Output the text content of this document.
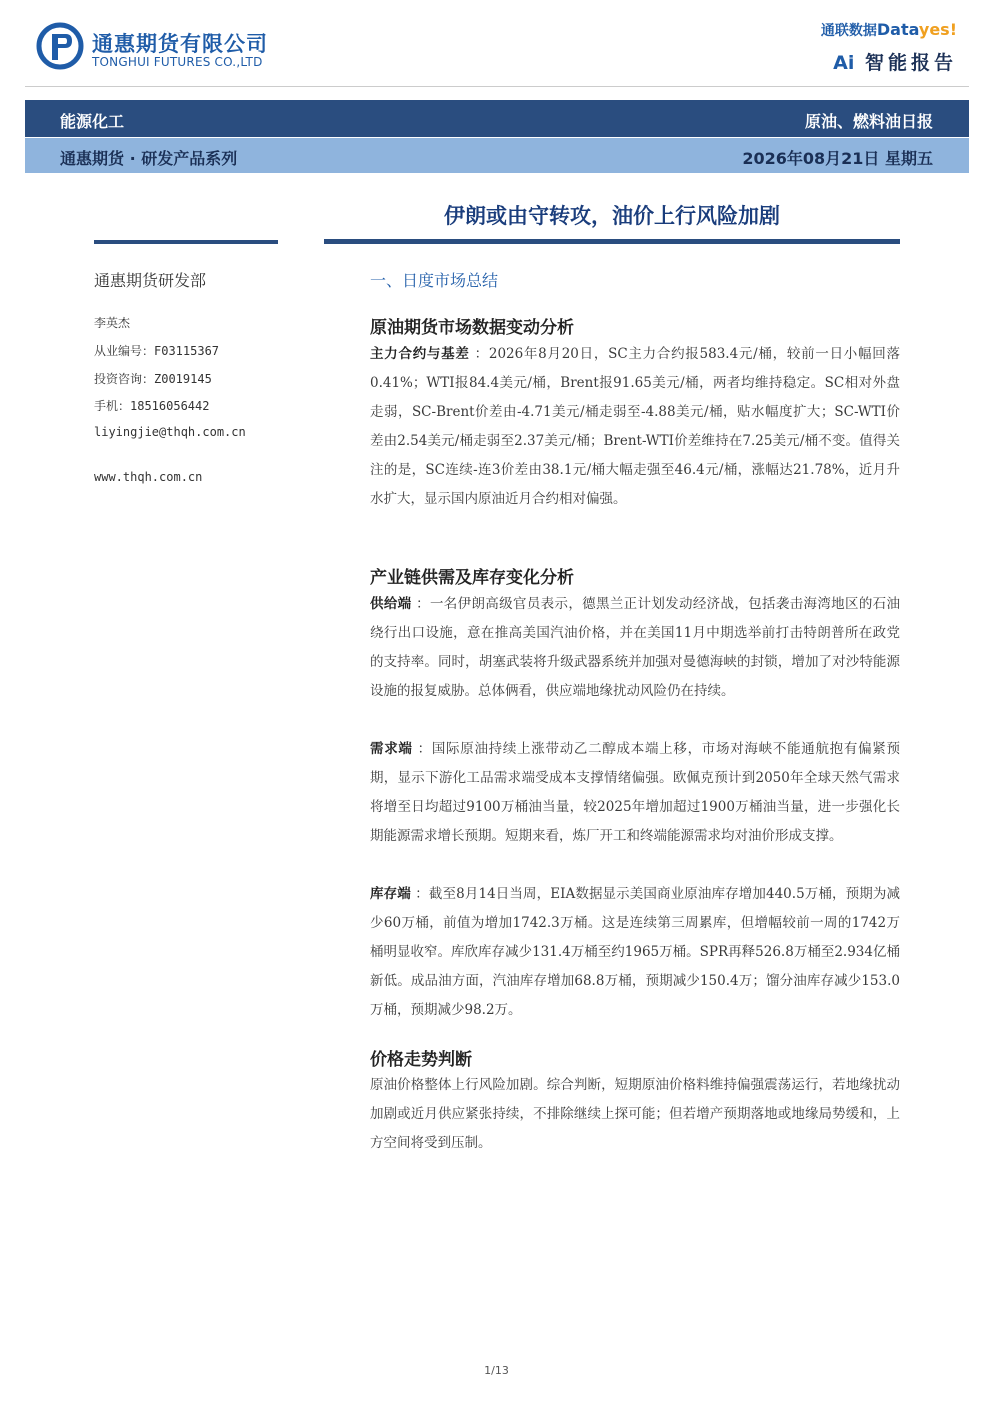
通惠期货有限公司
TONGHUI FUTURES CO.,LTD
通联数据Datayes!
Ai 智能报告
能源化工	原油、燃料油日报
通惠期货 · 研发产品系列	2026年08月21日 星期五
伊朗或由守转攻，油价上行风险加剧
通惠期货研发部
李英杰
从业编号：F03115367
投资咨询：Z0019145
手机：18516056442
liyingjie@thqh.com.cn
www.thqh.com.cn
一、日度市场总结
原油期货市场数据变动分析
主力合约与基差 ：2026年8月20日，SC主力合约报583.4元/桶，较前一日小幅回落0.41%；WTI报84.4美元/桶，Brent报91.65美元/桶，两者均维持稳定。SC相对外盘走弱，SC-Brent价差由-4.71美元/桶走弱至-4.88美元/桶，贴水幅度扩大；SC-WTI价差由2.54美元/桶走弱至2.37美元/桶；Brent-WTI价差维持在7.25美元/桶不变。值得关注的是，SC连续-连3价差由38.1元/桶大幅走强至46.4元/桶，涨幅达21.78%，近月升水扩大，显示国内原油近月合约相对偏强。
产业链供需及库存变化分析
供给端 ：一名伊朗高级官员表示，德黑兰正计划发动经济战，包括袭击海湾地区的石油绕行出口设施，意在推高美国汽油价格，并在美国11月中期选举前打击特朗普所在政党的支持率。同时，胡塞武装将升级武器系统并加强对曼德海峡的封锁，增加了对沙特能源设施的报复威胁。总体俩看，供应端地缘扰动风险仍在持续。
需求端 ：国际原油持续上涨带动乙二醇成本端上移，市场对海峡不能通航抱有偏紧预期，显示下游化工品需求端受成本支撑情绪偏强。欧佩克预计到2050年全球天然气需求将增至日均超过9100万桶油当量，较2025年增加超过1900万桶油当量，进一步强化长期能源需求增长预期。短期来看，炼厂开工和终端能源需求均对油价形成支撑。
库存端 ：截至8月14日当周，EIA数据显示美国商业原油库存增加440.5万桶，预期为减少60万桶，前值为增加1742.3万桶。这是连续第三周累库，但增幅较前一周的1742万桶明显收窄。库欣库存减少131.4万桶至约1965万桶。SPR再释526.8万桶至2.934亿桶新低。成品油方面，汽油库存增加68.8万桶，预期减少150.4万；馏分油库存减少153.0万桶，预期减少98.2万。
价格走势判断
原油价格整体上行风险加剧。综合判断，短期原油价格料维持偏强震荡运行，若地缘扰动加剧或近月供应紧张持续，不排除继续上探可能；但若增产预期落地或地缘局势缓和，上方空间将受到压制。
1/13
